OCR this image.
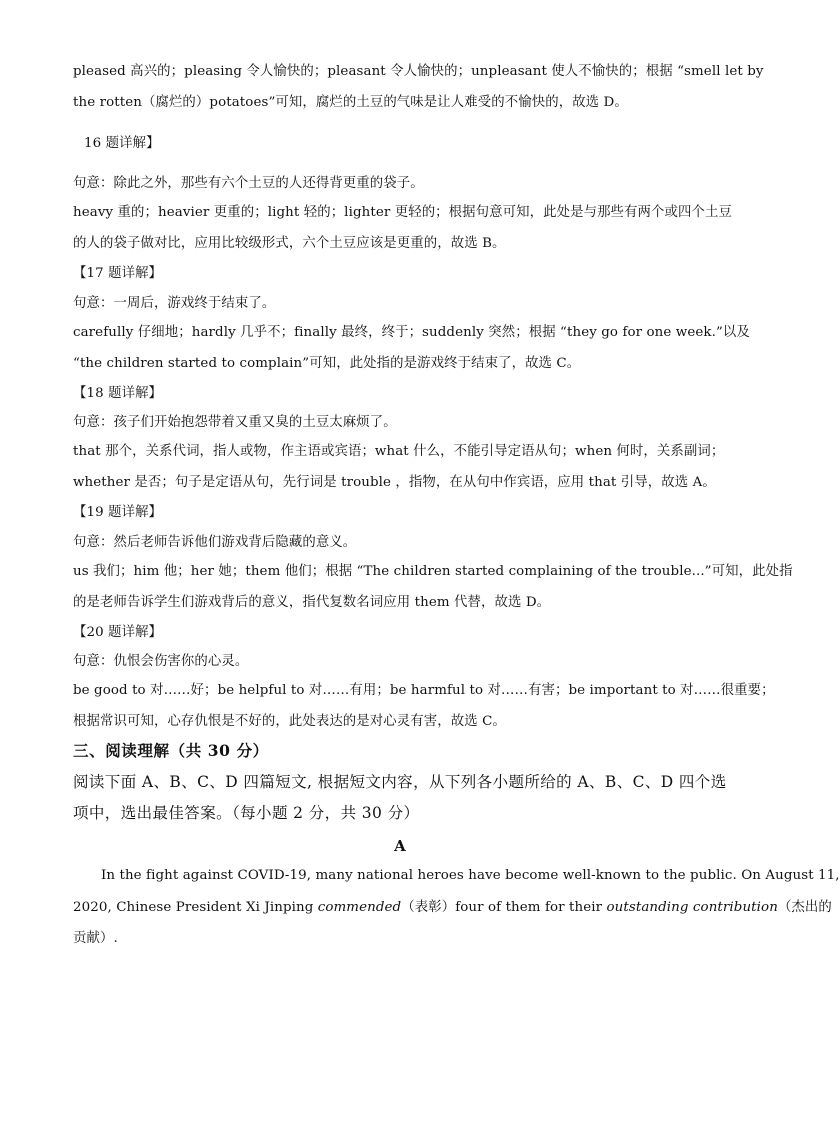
pleased 高兴的；pleasing 令人愉快的；pleasant 令人愉快的；unpleasant 使人不愉快的；根据 “smell let by
the rotten（腐烂的）potatoes”可知，腐烂的土豆的气味是让人难受的不愉快的，故选 D。
16 题详解】
句意：除此之外，那些有六个土豆的人还得背更重的袋子。
heavy 重的；heavier 更重的；light 轻的；lighter 更轻的；根据句意可知，此处是与那些有两个或四个土豆
的人的袋子做对比，应用比较级形式，六个土豆应该是更重的，故选 B。
【17 题详解】
句意：一周后，游戏终于结束了。
carefully 仔细地；hardly 几乎不；finally 最终，终于；suddenly 突然；根据 “they go for one week.”以及
“the children started to complain”可知，此处指的是游戏终于结束了，故选 C。
【18 题详解】
句意：孩子们开始抱怨带着又重又臭的土豆太麻烦了。
that 那个，关系代词，指人或物，作主语或宾语；what 什么，不能引导定语从句；when 何时，关系副词；
whether 是否；句子是定语从句，先行词是 trouble ，指物，在从句中作宾语，应用 that 引导，故选 A。
【19 题详解】
句意：然后老师告诉他们游戏背后隐藏的意义。
us 我们；him 他；her 她；them 他们；根据 “The children started complaining of the trouble...”可知，此处指
的是老师告诉学生们游戏背后的意义，指代复数名词应用 them 代替，故选 D。
【20 题详解】
句意：仇恨会伤害你的心灵。
be good to 对……好；be helpful to 对……有用；be harmful to 对……有害；be important to 对……很重要；
根据常识可知，心存仇恨是不好的，此处表达的是对心灵有害，故选 C。
三、阅读理解（共 30 分）
阅读下面 A、B、C、D 四篇短文, 根据短文内容，从下列各小题所给的 A、B、C、D 四个选
项中，选出最佳答案。（每小题 2 分，共 30 分）
A
In the fight against COVID-19, many national heroes have become well-known to the public. On August 11,
2020, Chinese President Xi Jinping commended（表彰）four of them for their outstanding contribution（杰出的
贡献）.
